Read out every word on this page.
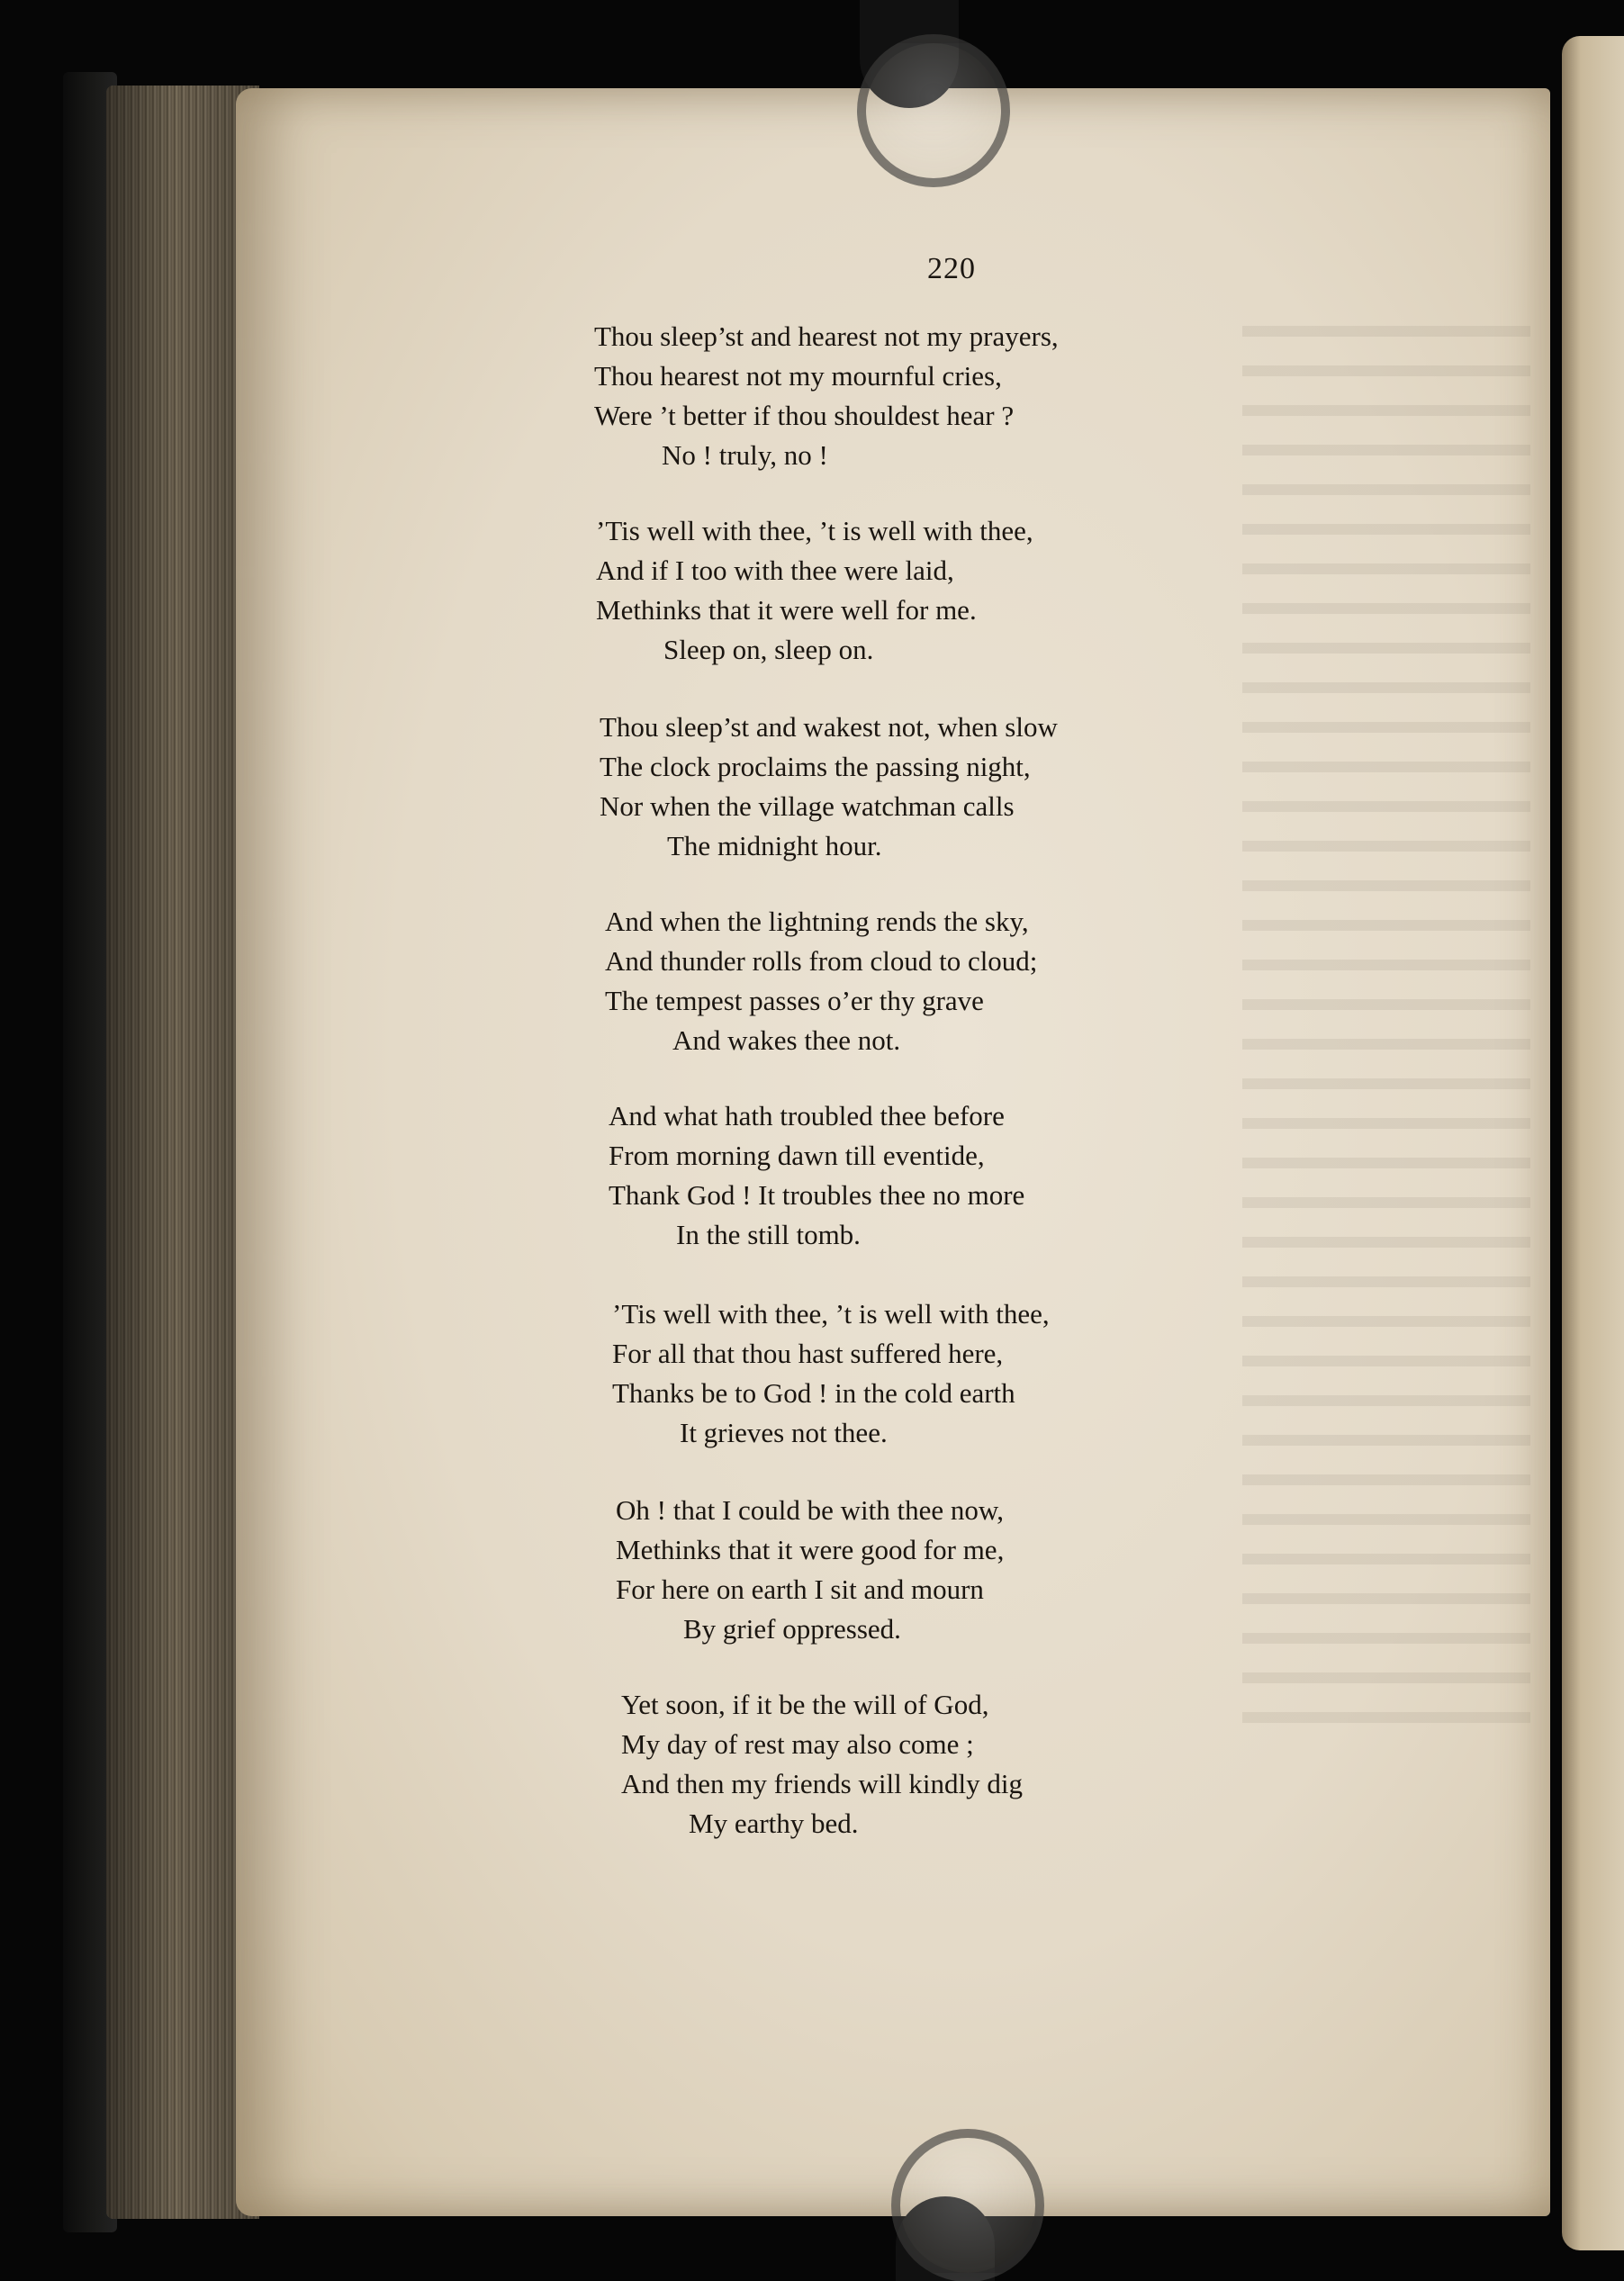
220
Thou sleep’st and hearest not my prayers,
Thou hearest not my mournful cries,
Were ’t better if thou shouldest hear ?
No ! truly, no !
’Tis well with thee, ’t is well with thee,
And if I too with thee were laid,
Methinks that it were well for me.
Sleep on, sleep on.
Thou sleep’st and wakest not, when slow
The clock proclaims the passing night,
Nor when the village watchman calls
The midnight hour.
And when the lightning rends the sky,
And thunder rolls from cloud to cloud;
The tempest passes o’er thy grave
And wakes thee not.
And what hath troubled thee before
From morning dawn till eventide,
Thank God ! It troubles thee no more
In the still tomb.
’Tis well with thee, ’t is well with thee,
For all that thou hast suffered here,
Thanks be to God ! in the cold earth
It grieves not thee.
Oh ! that I could be with thee now,
Methinks that it were good for me,
For here on earth I sit and mourn
By grief oppressed.
Yet soon, if it be the will of God,
My day of rest may also come ;
And then my friends will kindly dig
My earthy bed.
